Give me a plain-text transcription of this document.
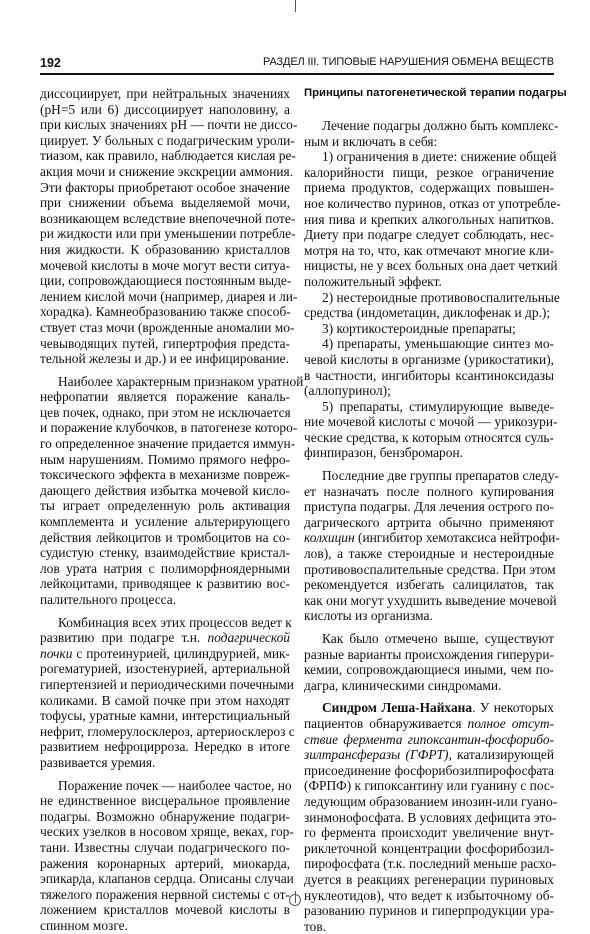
192	РАЗДЕЛ III. ТИПОВЫЕ НАРУШЕНИЯ ОБМЕНА ВЕЩЕСТВ
диссоциирует, при нейтральных значениях
(рН=5 или 6) диссоциирует наполовину, а
при кислых значениях рН — почти не диссо-
циирует. У больных с подагрическим уроли-
тиазом, как правило, наблюдается кислая ре-
акция мочи и снижение экскреции аммония.
Эти факторы приобретают особое значение
при снижении объема выделяемой мочи,
возникающем вследствие внепочечной поте-
ри жидкости или при уменьшении потребле-
ния жидкости. К образованию кристаллов
мочевой кислоты в моче могут вести ситуа-
ции, сопровождающиеся постоянным выде-
лением кислой мочи (например, диарея и ли-
хорадка). Камнеобразованию также способ-
ствует стаз мочи (врожденные аномалии мо-
чевыводящих путей, гипертрофия предста-
тельной железы и др.) и ее инфицирование.
Наиболее характерным признаком уратной
нефропатии является поражение каналь-
цев почек, однако, при этом не исключается
и поражение клубочков, в патогенезе которо-
го определенное значение придается иммун-
ным нарушениям. Помимо прямого нефро-
токсического эффекта в механизме повреж-
дающего действия избытка мочевой кисло-
ты играет определенную роль активация
комплемента и усиление альтерирующего
действия лейкоцитов и тромбоцитов на со-
судистую стенку, взаимодействие кристал-
лов урата натрия с полиморфноядерными
лейкоцитами, приводящее к развитию вос-
палительного процесса.
Комбинация всех этих процессов ведет к
развитию при подагре т.н. подагрической
почки с протеинурией, цилиндрурией, мик-
рогематурией, изостенурией, артериальной
гипертензией и периодическими почечными
коликами. В самой почке при этом находят
тофусы, уратные камни, интерстициальный
нефрит, гломерулосклероз, артериосклероз с
развитием нефроцирроза. Нередко в итоге
развивается уремия.
Поражение почек — наиболее частое, но
не единственное висцеральное проявление
подагры. Возможно обнаружение подагри-
ческих узелков в носовом хряще, веках, гор-
тани. Известны случаи подагрического по-
ражения коронарных артерий, миокарда,
эпикарда, клапанов сердца. Описаны случаи
тяжелого поражения нервной системы с от-
ложением кристаллов мочевой кислоты в
спинном мозге.
Принципы патогенетической терапии подагры
Лечение подагры должно быть комплекс-
ным и включать в себя:
1) ограничения в диете: снижение общей
калорийности пищи, резкое ограничение
приема продуктов, содержащих повышен-
ное количество пуринов, отказ от употребле-
ния пива и крепких алкогольных напитков.
Диету при подагре следует соблюдать, нес-
мотря на то, что, как отмечают многие кли-
ницисты, не у всех больных она дает четкий
положительный эффект.
2) нестероидные противовоспалительные
средства (индометацин, диклофенак и др.);
3) кортикостероидные препараты;
4) препараты, уменьшающие синтез мо-
чевой кислоты в организме (урикостатики),
в частности, ингибиторы ксантиноксидазы
(аллопуринол);
5) препараты, стимулирующие выведе-
ние мочевой кислоты с мочой — урикозури-
ческие средства, к которым относятся суль-
финпиразон, бензбромарон.
Последние две группы препаратов следу-
ет назначать после полного купирования
приступа подагры. Для лечения острого по-
дагрического артрита обычно применяют
колхицин (ингибитор хемотаксиса нейтрофи-
лов), а также стероидные и нестероидные
противовоспалительные средства. При этом
рекомендуется избегать салицилатов, так
как они могут ухудшить выведение мочевой
кислоты из организма.
Как было отмечено выше, существуют
разные варианты происхождения гиперури-
кемии, сопровождающиеся иными, чем по-
дагра, клиническими синдромами.
Синдром Леша-Найхана. У некоторых
пациентов обнаруживается полное отсут-
ствие фермента гипоксантин-фосфорибо-
зилтрансферазы (ГФРТ), катализирующей
присоединение фосфорибозилпирофосфата
(ФРПФ) к гипоксантину или гуанину с пос-
ледующим образованием инозин-или гуано-
зинмонофосфата. В условиях дефицита это-
го фермента происходит увеличение внут-
риклеточной концентрации фосфорибозил-
пирофосфата (т.к. последний меньше расхо-
дуется в реакциях регенерации пуриновых
нуклеотидов), что ведет к избыточному об-
разованию пуринов и гиперпродукции ура-
тов.
